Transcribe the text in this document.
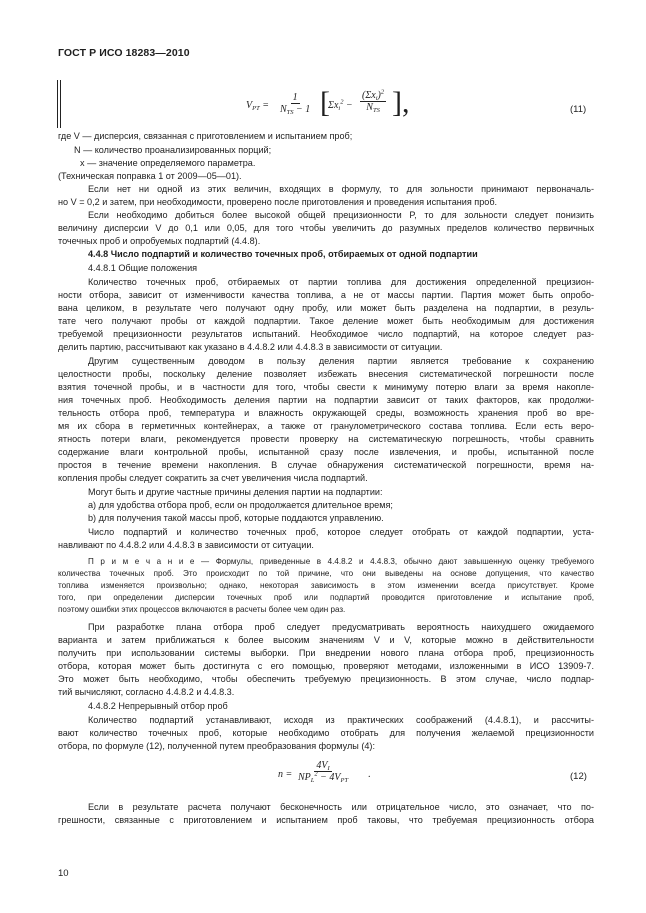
ГОСТ Р ИСО 18283—2010
$V_{PT}$ =
1
$N_{TS} - 1$ [
$\Sigma x_i^2$ −
$(\Sigma x_i)^2$
$N_{TS}$ ],	(11)
где V — дисперсия, связанная с приготовлением и испытанием проб;
N — количество проанализированных порций;
x — значение определяемого параметра.
(Техническая поправка 1 от 2009—05—01).
Если нет ни одной из этих величин, входящих в формулу, то для зольности принимают первоначаль-
но V = 0,2 и затем, при необходимости, проверено после приготовления и проведения испытания проб.
Если необходимо добиться более высокой общей прецизионности P, то для зольности следует понизить
величину дисперсии V до 0,1 или 0,05, для того чтобы увеличить до разумных пределов количество первичных
точечных проб и опробуемых подпартий (4.4.8).
4.4.8 Число подпартий и количество точечных проб, отбираемых от одной подпартии
4.4.8.1 Общие положения
Количество точечных проб, отбираемых от партии топлива для достижения определенной прецизион-
ности отбора, зависит от изменчивости качества топлива, а не от массы партии. Партия может быть опробо-
вана целиком, в результате чего получают одну пробу, или может быть разделена на подпартии, в резуль-
тате чего получают пробы от каждой подпартии. Такое деление может быть необходимым для достижения
требуемой прецизионности результатов испытаний. Необходимое число подпартий, на которое следует раз-
делить партию, рассчитывают как указано в 4.4.8.2 или 4.4.8.3 в зависимости от ситуации.
Другим существенным доводом в пользу деления партии является требование к сохранению
целостности пробы, поскольку деление позволяет избежать внесения систематической погрешности после
взятия точечной пробы, и в частности для того, чтобы свести к минимуму потерю влаги за время накопле-
ния точечных проб. Необходимость деления партии на подпартии зависит от таких факторов, как продолжи-
тельность отбора проб, температура и влажность окружающей среды, возможность хранения проб во вре-
мя их сбора в герметичных контейнерах, а также от гранулометрического состава топлива. Если есть веро-
ятность потери влаги, рекомендуется провести проверку на систематическую погрешность, чтобы сравнить
содержание влаги контрольной пробы, испытанной сразу после извлечения, и пробы, испытанной после
простоя в течение времени накопления. В случае обнаружения систематической погрешности, время на-
копления пробы следует сократить за счет увеличения числа подпартий.
Могут быть и другие частные причины деления партии на подпартии:
a) для удобства отбора проб, если он продолжается длительное время;
b) для получения такой массы проб, которые поддаются управлению.
Число подпартий и количество точечных проб, которое следует отобрать от каждой подпартии, уста-
навливают по 4.4.8.2 или 4.4.8.3 в зависимости от ситуации.
П р и м е ч а н и е — Формулы, приведенные в 4.4.8.2 и 4.4.8.3, обычно дают завышенную оценку требуемого
количества точечных проб. Это происходит по той причине, что они выведены на основе допущения, что качество
топлива изменяется произвольно; однако, некоторая зависимость в этом изменении всегда присутствует. Кроме
того, при определении дисперсии точечных проб или подпартий проводится приготовление и испытание проб,
поэтому ошибки этих процессов включаются в расчеты более чем один раз.
При разработке плана отбора проб следует предусматривать вероятность наихудшего ожидаемого
варианта и затем приближаться к более высоким значениям V и V, которые можно в действительности
получить при использовании системы выборки. При внедрении нового плана отбора проб, прецизионность
отбора, которая может быть достигнута с его помощью, проверяют методами, изложенными в ИСО 13909-7.
Это может быть необходимо, чтобы обеспечить требуемую прецизионность. В этом случае, число подпар-
тий вычисляют, согласно 4.4.8.2 и 4.4.8.3.
4.4.8.2 Непрерывный отбор проб
Количество подпартий устанавливают, исходя из практических соображений (4.4.8.1), и рассчиты-
вают количество точечных проб, которые необходимо отобрать для получения желаемой прецизионности
отбора, по формуле (12), полученной путем преобразования формулы (4):
n =
$4V_I$
$NP_L^2 - 4V_{PT}$
.	(12)
Если в результате расчета получают бесконечность или отрицательное число, это означает, что по-
грешности, связанные с приготовлением и испытанием проб таковы, что требуемая прецизионность отбора
10
